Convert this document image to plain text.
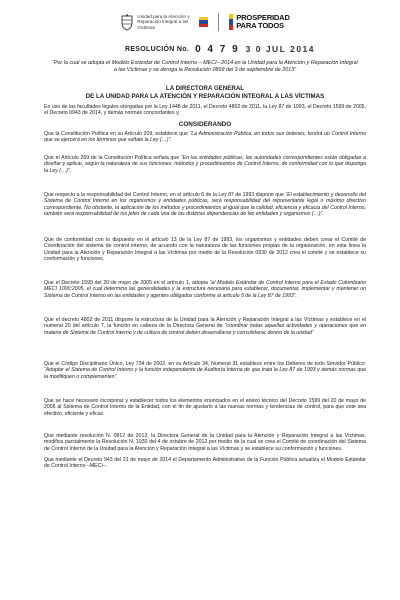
Unidad para la Atención y Reparación Integral a las Víctimas
PROSPERIDAD
PARA TODOS
RESOLUCIÓN No. 0 4 7 9 3 0 JUL 2014
“Por la cual se adopta el Modelo Estándar de Control Interno – MECI– 2014 en la Unidad para la Atención y Reparación Integral a las Víctimas y se deroga la Resolución 0899 del 3 de septiembre de 2013”
LA DIRECTORA GENERAL
DE LA UNIDAD PARA LA ATENCIÓN Y REPARACIÓN INTEGRAL A LAS VÍCTIMAS
En uso de las facultades legales otorgadas por la Ley 1448 de 2011, el Decreto 4802 de 2011, la Ley 87 de 1993, el Decreto 1599 de 2005, el Decreto 0943 de 2014, y demás normas concordantes y,
CONSIDERANDO

Que la Constitución Política en su Artículo 209, establece que “La Administración Pública, en todos sus órdenes, tendrá un Control Interno que se ejercerá en los términos que señale la Ley (…)”.

Que el Artículo 269 de la Constitución Política señala que “En las entidades públicas, las autoridades correspondientes están obligadas a diseñar y aplicar, según la naturaleza de sus funciones, métodos y procedimientos de Control Interno, de conformidad con lo que disponga la Ley (…)”.

Que respecto a la responsabilidad del Control Interno, en el artículo 6 de la Ley 87 de 1993 dispone que “El establecimiento y desarrollo del Sistema de Control Interno en los organismos y entidades públicas, será responsabilidad del representante legal o máximo directivo correspondiente. No obstante, la aplicación de los métodos y procedimientos al igual que la calidad, eficiencia y eficacia del Control Interno, también será responsabilidad de los jefes de cada una de las distintas dependencias de las entidades y organismos (…)”.

Que de conformidad con lo dispuesto en el artículo 13 de la Ley 87 de 1993, los organismos y entidades deben crear el Comité de Coordinación del sistema de control interno, de acuerdo con la naturaleza de las funciones propias de la organización, en esta línea la Unidad para la Atención y Reparación Integral a las Víctimas por medio de la Resolución 0930 de 2012 crea el comité y se establece su conformación y funciones.

Que el Decreto 1599 del 20 de mayo de 2005 en el artículo 1, adopta “el Modelo Estándar de Control Interno para el Estado Colombiano MECI 1000:2005, el cual determina las generalidades y la estructura necesaria para establecer, documentar, implementar y mantener un Sistema de Control Interno en las entidades y agentes obligados conforme al artículo 5 de la Ley 87 de 1993”.

Que el decreto 4802 de 2011 dispone la estructura de la Unidad para la Atención y Reparación Integral a las Víctimas y establece en el numeral 20 del artículo 7, la función en cabeza de la Directora General de “coordinar todas aquellas actividades y operaciones que en materia de Sistema de Control Interno y de cultura de control deben desarrollarse y consolidarse dentro de la unidad”

Que el Código Disciplinario Único, Ley 734 de 2002, en su Artículo 34, Numeral 31 establece entre los Deberes de todo Servidor Público: “Adoptar el Sistema de Control Interno y la función independiente de Auditoría Interna de que trata la Ley 87 de 1993 y demás normas que la modifiquen o complementen”.

Que se hace necesario incorporar y establecer todos los elementos enunciados en el anexo técnico del Decreto 1599 del 20 de mayo de 2005 al Sistema de Control Interno de la Entidad, con el fin de ajustarlo a las nuevas normas y tendencias de control, para que este sea efectivo, eficiente y eficaz.

Que mediante resolución N. 0812 de 2013, la Directora General de la Unidad para la Atención y Reparación Integral a las Víctimas, modifica parcialmente la Resolución N. 1930 del 4 de octubre de 2012 por medio de la cual se crea el Comité de coordinación del Sistema de Control Interno de la Unidad para la Atención y Reparación Integral a las Víctimas y se establece su conformación y funciones.

Que mediante el Decreto 943 del 21 de mayo de 2014 el Departamento Administrativo de la Función Pública actualiza el Modelo Estándar de Control Interno –MECI–.
